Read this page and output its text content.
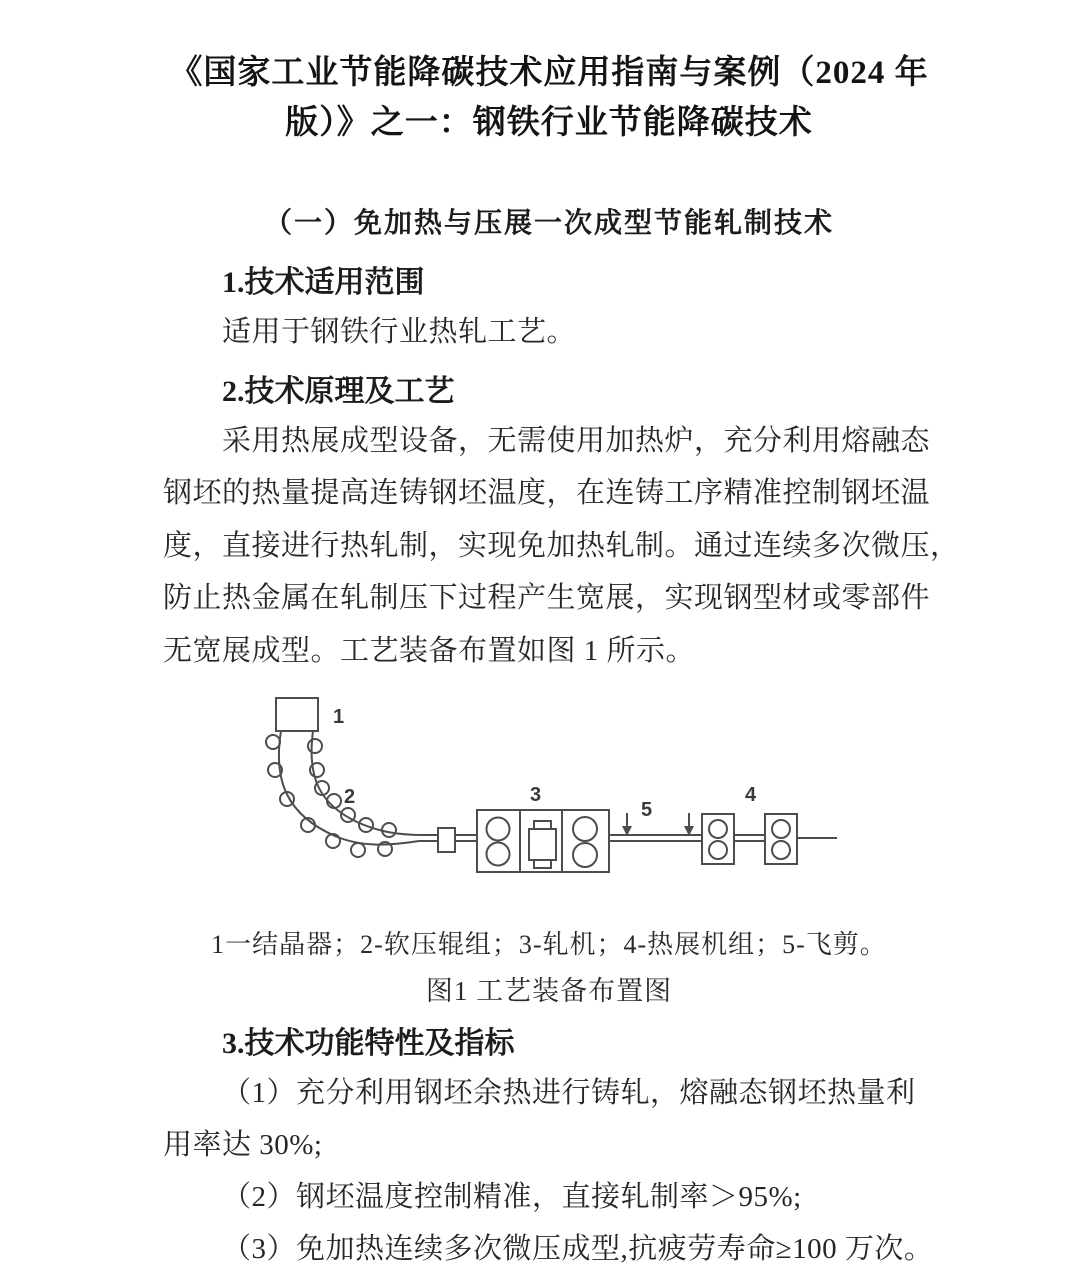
《国家工业节能降碳技术应用指南与案例（2024 年
版）》之一：钢铁行业节能降碳技术
（一）免加热与压展一次成型节能轧制技术
1.技术适用范围

适用于钢铁行业热轧工艺。

2.技术原理及工艺

采用热展成型设备，无需使用加热炉，充分利用熔融态

钢坯的热量提高连铸钢坯温度，在连铸工序精准控制钢坯温

度，直接进行热轧制，实现免加热轧制。通过连续多次微压，

防止热金属在轧制压下过程产生宽展，实现钢型材或零部件

无宽展成型。工艺装备布置如图 1 所示。

1
2	3
5
4
1一结晶器；2-软压辊组；3-轧机；4-热展机组；5-飞剪。
图1 工艺装备布置图
3.技术功能特性及指标

（1）充分利用钢坯余热进行铸轧，熔融态钢坯热量利

用率达 30%;

（2）钢坯温度控制精准，直接轧制率＞95%;

（3）免加热连续多次微压成型,抗疲劳寿命≥100 万次。
